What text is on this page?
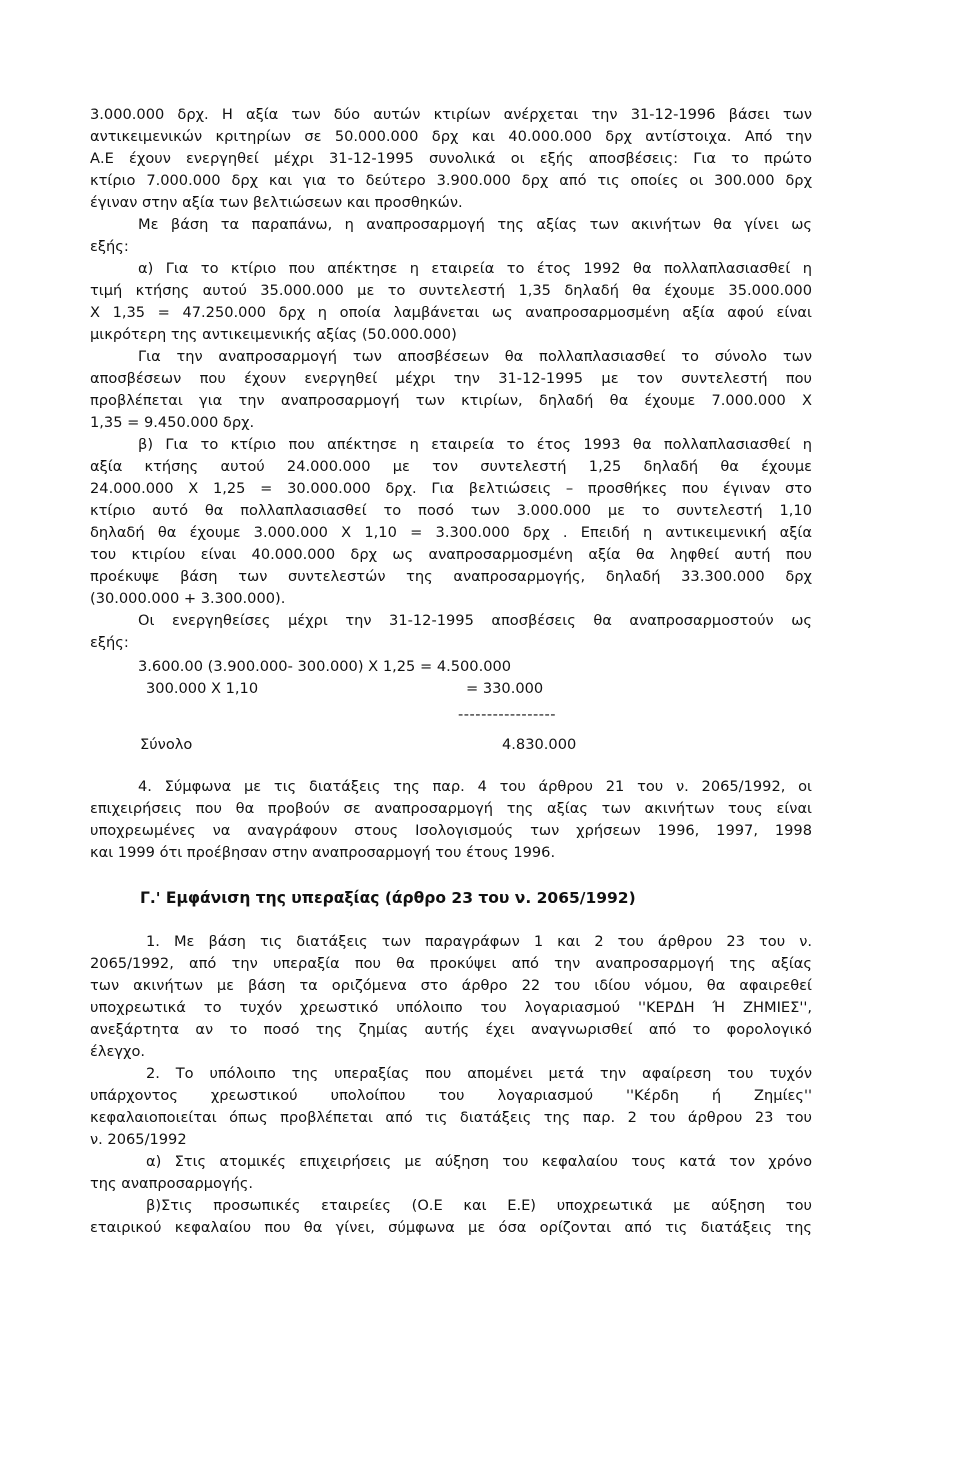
3.000.000 δρχ. Η αξία των δύο αυτών κτιρίων ανέρχεται την 31-12-1996 βάσει των
αντικειμενικών κριτηρίων σε 50.000.000 δρχ και 40.000.000 δρχ αντίστοιχα. Από την
Α.Ε έχουν ενεργηθεί μέχρι 31-12-1995 συνολικά οι εξής αποσβέσεις: Για το πρώτο
κτίριο 7.000.000 δρχ και για το δεύτερο 3.900.000 δρχ από τις οποίες οι 300.000 δρχ
έγιναν στην αξία των βελτιώσεων και προσθηκών.
Με βάση τα παραπάνω, η αναπροσαρμογή της αξίας των ακινήτων θα γίνει ως
εξής:
α) Για το κτίριο που απέκτησε η εταιρεία το έτος 1992 θα πολλαπλασιασθεί η
τιμή κτήσης αυτού 35.000.000 με το συντελεστή 1,35 δηλαδή θα έχουμε 35.000.000
Χ 1,35 = 47.250.000 δρχ η οποία λαμβάνεται ως αναπροσαρμοσμένη αξία αφού είναι
μικρότερη της αντικειμενικής αξίας (50.000.000)
Για την αναπροσαρμογή των αποσβέσεων θα πολλαπλασιασθεί το σύνολο των
αποσβέσεων που έχουν ενεργηθεί μέχρι την 31-12-1995 με τον συντελεστή που
προβλέπεται για την αναπροσαρμογή των κτιρίων, δηλαδή θα έχουμε 7.000.000 Χ
1,35 = 9.450.000 δρχ.
β) Για το κτίριο που απέκτησε η εταιρεία το έτος 1993 θα πολλαπλασιασθεί η
αξία κτήσης αυτού 24.000.000 με τον συντελεστή 1,25 δηλαδή θα έχουμε
24.000.000 Χ 1,25 = 30.000.000 δρχ. Για βελτιώσεις – προσθήκες που έγιναν στο
κτίριο αυτό θα πολλαπλασιασθεί το ποσό των 3.000.000 με το συντελεστή 1,10
δηλαδή θα έχουμε 3.000.000 Χ 1,10 = 3.300.000 δρχ . Επειδή η αντικειμενική αξία
του κτιρίου είναι 40.000.000 δρχ ως αναπροσαρμοσμένη αξία θα ληφθεί αυτή που
προέκυψε βάση των συντελεστών της αναπροσαρμογής, δηλαδή 33.300.000 δρχ
(30.000.000 + 3.300.000).
Οι ενεργηθείσες μέχρι την 31-12-1995 αποσβέσεις θα αναπροσαρμοστούν ως
εξής:
3.600.00 (3.900.000- 300.000) Χ 1,25 = 4.500.000
300.000 Χ 1,10	= 330.000
-----------------
Σύνολο	4.830.000
4. Σύμφωνα με τις διατάξεις της παρ. 4 του άρθρου 21 του ν. 2065/1992, οι
επιχειρήσεις που θα προβούν σε αναπροσαρμογή της αξίας των ακινήτων τους είναι
υποχρεωμένες να αναγράφουν στους Ισολογισμούς των χρήσεων 1996, 1997, 1998
και 1999 ότι προέβησαν στην αναπροσαρμογή του έτους 1996.
Γ.' Εμφάνιση της υπεραξίας (άρθρο 23 του ν. 2065/1992)
1. Με βάση τις διατάξεις των παραγράφων 1 και 2 του άρθρου 23 του ν.
2065/1992, από την υπεραξία που θα προκύψει από την αναπροσαρμογή της αξίας
των ακινήτων με βάση τα οριζόμενα στο άρθρο 22 του ιδίου νόμου, θα αφαιρεθεί
υποχρεωτικά το τυχόν χρεωστικό υπόλοιπο του λογαριασμού ''ΚΕΡΔΗ Ή ΖΗΜΙΕΣ'',
ανεξάρτητα αν το ποσό της ζημίας αυτής έχει αναγνωρισθεί από το φορολογικό
έλεγχο.
2. Το υπόλοιπο της υπεραξίας που απομένει μετά την αφαίρεση του τυχόν
υπάρχοντος χρεωστικού υπολοίπου του λογαριασμού ''Κέρδη ή Ζημίες''
κεφαλαιοποιείται όπως προβλέπεται από τις διατάξεις της παρ. 2 του άρθρου 23 του
ν. 2065/1992
α) Στις ατομικές επιχειρήσεις με αύξηση του κεφαλαίου τους κατά τον χρόνο
της αναπροσαρμογής.
β)Στις προσωπικές εταιρείες (Ο.Ε και Ε.Ε) υποχρεωτικά με αύξηση του
εταιρικού κεφαλαίου που θα γίνει, σύμφωνα με όσα ορίζονται από τις διατάξεις της
